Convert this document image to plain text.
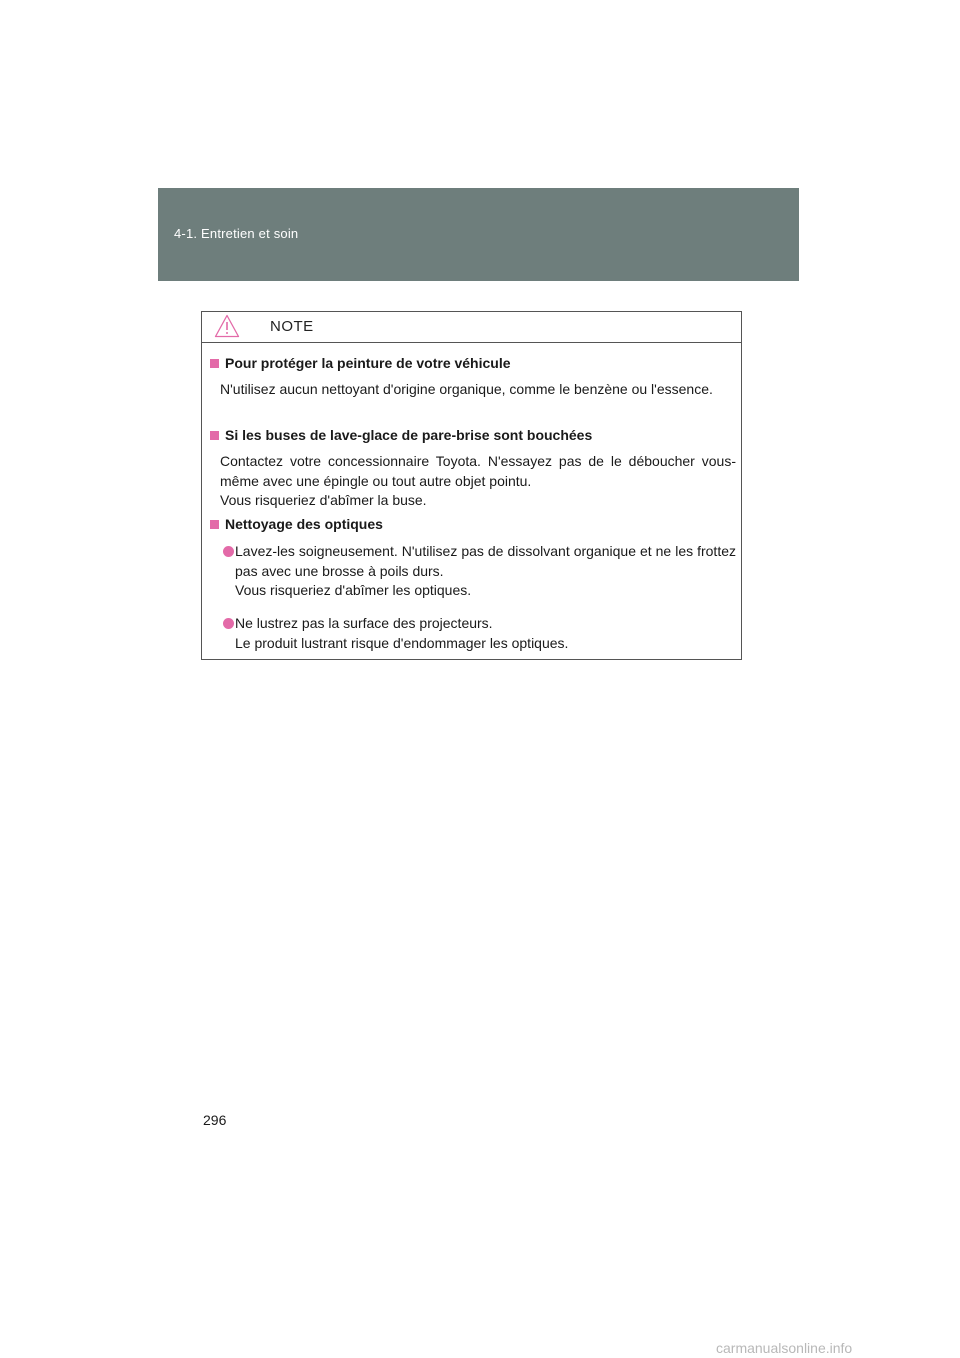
4-1. Entretien et soin
NOTE
Pour protéger la peinture de votre véhicule
N'utilisez aucun nettoyant d'origine organique, comme le benzène ou l'essence.
Si les buses de lave-glace de pare-brise sont bouchées
Contactez votre concessionnaire Toyota. N'essayez pas de le déboucher vous-même avec une épingle ou tout autre objet pointu.
Vous risqueriez d'abîmer la buse.
Nettoyage des optiques
Lavez-les soigneusement. N'utilisez pas de dissolvant organique et ne les frottez pas avec une brosse à poils durs.
Vous risqueriez d'abîmer les optiques.
Ne lustrez pas la surface des projecteurs.
Le produit lustrant risque d'endommager les optiques.
296
carmanualsonline.info
